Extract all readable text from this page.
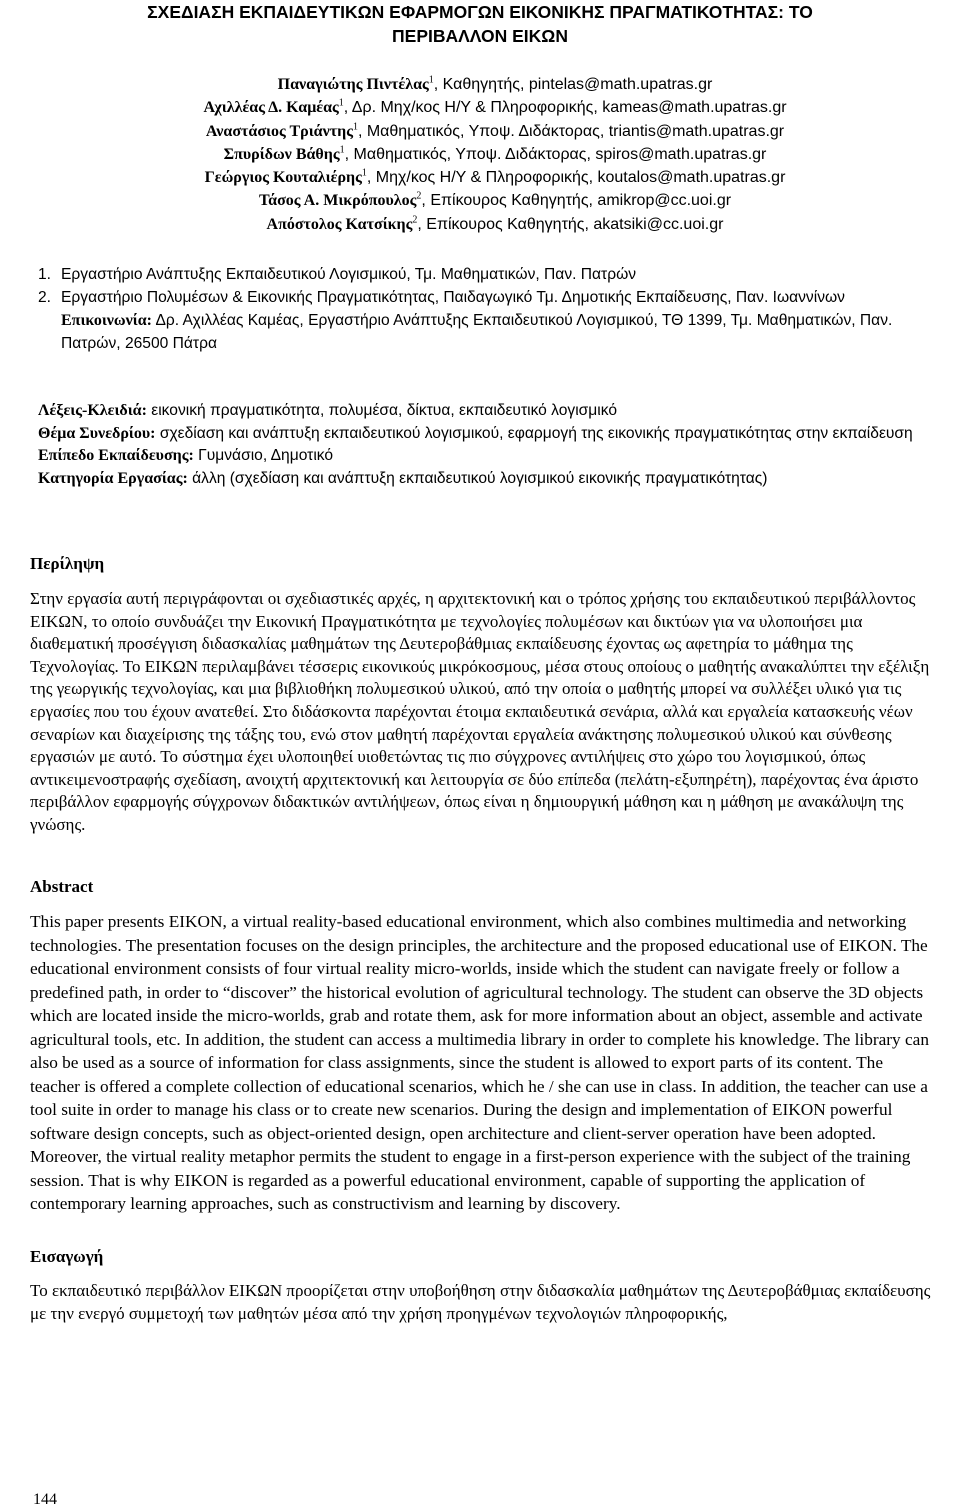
ΣΧΕΔΙΑΣΗ ΕΚΠΑΙΔΕΥΤΙΚΩΝ ΕΦΑΡΜΟΓΩΝ ΕΙΚΟΝΙΚΗΣ ΠΡΑΓΜΑΤΙΚΟΤΗΤΑΣ: ΤΟ
ΠΕΡΙΒΑΛΛΟΝ ΕΙΚΩΝ
Παναγιώτης Πιντέλας$^1$, Καθηγητής, pintelas@math.upatras.gr
Αχιλλέας Δ. Καμέας$^1$, Δρ. Μηχ/κος Η/Υ & Πληροφορικής, kameas@math.upatras.gr
Αναστάσιος Τριάντης$^1$, Μαθηματικός, Υποψ. Διδάκτορας, triantis@math.upatras.gr
Σπυρίδων Βάθης$^1$, Μαθηματικός, Υποψ. Διδάκτορας, spiros@math.upatras.gr
Γεώργιος Κουταλιέρης$^1$, Μηχ/κος Η/Υ & Πληροφορικής, koutalos@math.upatras.gr
Τάσος Α. Μικρόπουλος$^2$, Επίκουρος Καθηγητής, amikrop@cc.uoi.gr
Απόστολος Κατσίκης$^2$, Επίκουρος Καθηγητής, akatsiki@cc.uoi.gr
1. Εργαστήριο Ανάπτυξης Εκπαιδευτικού Λογισμικού, Τμ. Μαθηματικών, Παν. Πατρών
2. Εργαστήριο Πολυμέσων & Εικονικής Πραγματικότητας, Παιδαγωγικό Τμ. Δημοτικής Εκπαίδευσης, Παν. Ιωαννίνων
Επικοινωνία: Δρ. Αχιλλέας Καμέας, Εργαστήριο Ανάπτυξης Εκπαιδευτικού Λογισμικού, ΤΘ 1399, Τμ. Μαθηματικών, Παν. Πατρών, 26500 Πάτρα
Λέξεις-Κλειδιά: εικονική πραγματικότητα, πολυμέσα, δίκτυα, εκπαιδευτικό λογισμικό
Θέμα Συνεδρίου: σχεδίαση και ανάπτυξη εκπαιδευτικού λογισμικού, εφαρμογή της εικονικής πραγματικότητας στην εκπαίδευση
Επίπεδο Εκπαίδευσης: Γυμνάσιο, Δημοτικό
Κατηγορία Εργασίας: άλλη (σχεδίαση και ανάπτυξη εκπαιδευτικού λογισμικού εικονικής πραγματικότητας)
Περίληψη
Στην εργασία αυτή περιγράφονται οι σχεδιαστικές αρχές, η αρχιτεκτονική και ο τρόπος χρήσης του εκπαιδευτικού περιβάλλοντος ΕΙΚΩΝ, το οποίο συνδυάζει την Εικονική Πραγματικότητα με τεχνολογίες πολυμέσων και δικτύων για να υλοποιήσει μια διαθεματική προσέγγιση διδασκαλίας μαθημάτων της Δευτεροβάθμιας εκπαίδευσης έχοντας ως αφετηρία το μάθημα της Τεχνολογίας. Το ΕΙΚΩΝ περιλαμβάνει τέσσερις εικονικούς μικρόκοσμους, μέσα στους οποίους ο μαθητής ανακαλύπτει την εξέλιξη της γεωργικής τεχνολογίας, και μια βιβλιοθήκη πολυμεσικού υλικού, από την οποία ο μαθητής μπορεί να συλλέξει υλικό για τις εργασίες που του έχουν ανατεθεί. Στο διδάσκοντα παρέχονται έτοιμα εκπαιδευτικά σενάρια, αλλά και εργαλεία κατασκευής νέων σεναρίων και διαχείρισης της τάξης του, ενώ στον μαθητή παρέχονται εργαλεία ανάκτησης πολυμεσικού υλικού και σύνθεσης εργασιών με αυτό. Το σύστημα έχει υλοποιηθεί υιοθετώντας τις πιο σύγχρονες αντιλήψεις στο χώρο του λογισμικού, όπως αντικειμενοστραφής σχεδίαση, ανοιχτή αρχιτεκτονική και λειτουργία σε δύο επίπεδα (πελάτη-εξυπηρέτη), παρέχοντας ένα άριστο περιβάλλον εφαρμογής σύγχρονων διδακτικών αντιλήψεων, όπως είναι η δημιουργική μάθηση και η μάθηση με ανακάλυψη της γνώσης.
Abstract
This paper presents EIKON, a virtual reality-based educational environment, which also combines multimedia and networking technologies. The presentation focuses on the design principles, the architecture and the proposed educational use of EIKON. The educational environment consists of four virtual reality micro-worlds, inside which the student can navigate freely or follow a predefined path, in order to “discover” the historical evolution of agricultural technology. The student can observe the 3D objects which are located inside the micro-worlds, grab and rotate them, ask for more information about an object, assemble and activate agricultural tools, etc. In addition, the student can access a multimedia library in order to complete his knowledge. The library can also be used as a source of information for class assignments, since the student is allowed to export parts of its content. The teacher is offered a complete collection of educational scenarios, which he / she can use in class. In addition, the teacher can use a tool suite in order to manage his class or to create new scenarios. During the design and implementation of EIKON powerful software design concepts, such as object-oriented design, open architecture and client-server operation have been adopted. Moreover, the virtual reality metaphor permits the student to engage in a first-person experience with the subject of the training session. That is why EIKON is regarded as a powerful educational environment, capable of supporting the application of contemporary learning approaches, such as constructivism and learning by discovery.
Εισαγωγή
Το εκπαιδευτικό περιβάλλον ΕΙΚΩΝ προορίζεται στην υποβοήθηση στην διδασκαλία μαθημάτων της Δευτεροβάθμιας εκπαίδευσης με την ενεργό συμμετοχή των μαθητών μέσα από την χρήση προηγμένων τεχνολογιών πληροφορικής,
144
